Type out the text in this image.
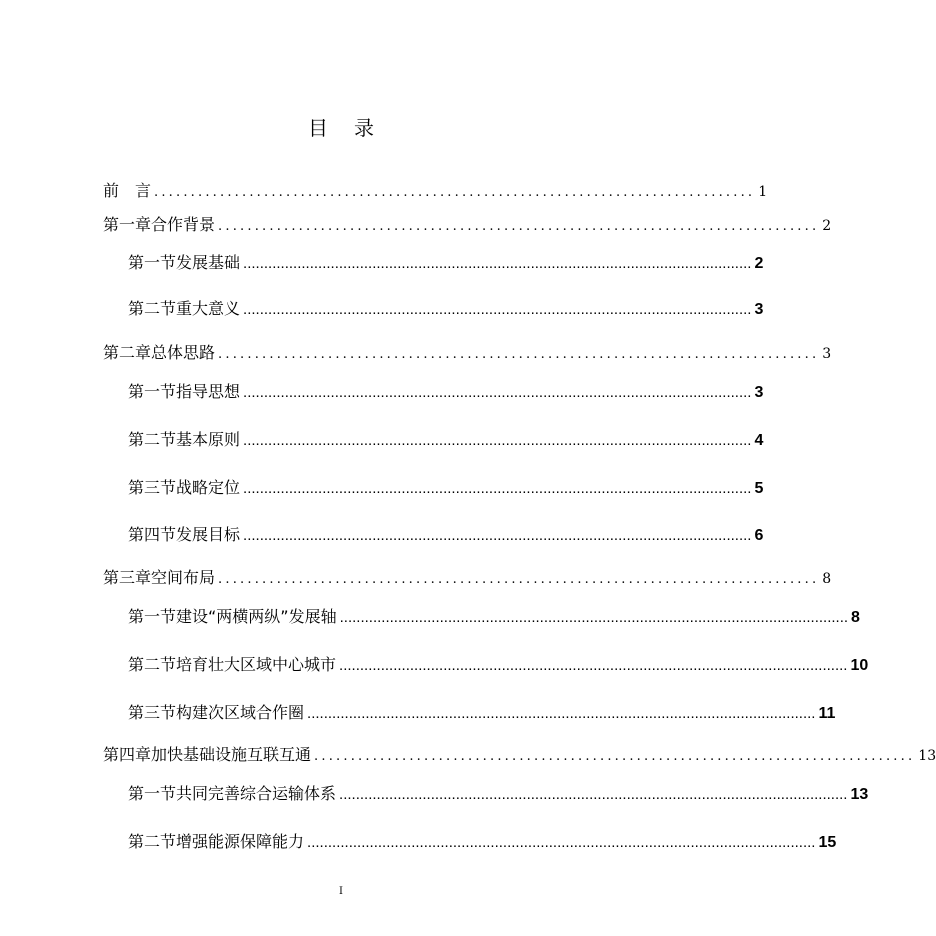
目 录
前　言 .................................................................................. 1
第一章 合作背景 .................................................................................. 2
第一节 发展基础 .......................................................................................................................... 2
第二节 重大意义 .......................................................................................................................... 3
第二章 总体思路 .................................................................................. 3
第一节 指导思想 .......................................................................................................................... 3
第二节 基本原则 .......................................................................................................................... 4
第三节 战略定位 .......................................................................................................................... 5
第四节 发展目标 .......................................................................................................................... 6
第三章 空间布局 .................................................................................. 8
第一节 建设“两横两纵”发展轴 .......................................................................................................................... 8
第二节 培育壮大区域中心城市 .......................................................................................................................... 10
第三节 构建次区域合作圈 .......................................................................................................................... 11
第四章 加快基础设施互联互通 .................................................................................. 13
第一节 共同完善综合运输体系 .......................................................................................................................... 13
第二节 增强能源保障能力 .......................................................................................................................... 15
I
